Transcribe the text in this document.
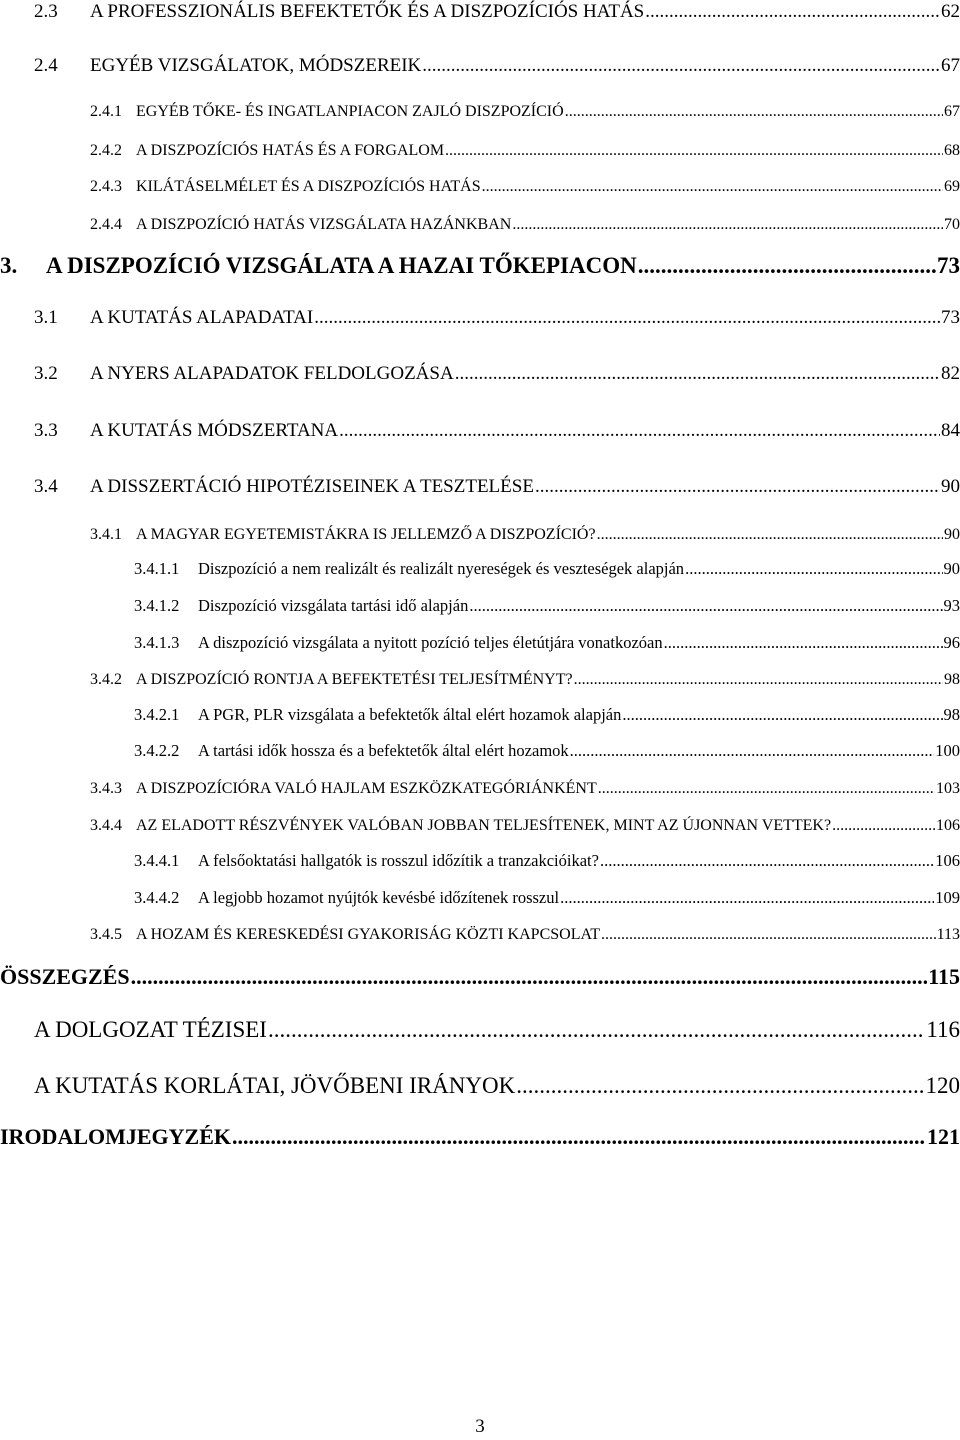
2.3	A PROFESSZIONÁLIS BEFEKTETŐK ÉS A DISZPOZÍCIÓS HATÁS .....	62
2.4	EGYÉB VIZSGÁLATOK, MÓDSZEREIK .....	67
2.4.1 EGYÉB TŐKE- ÉS INGATLANPIACON ZAJLÓ DISZPOZÍCIÓ .....	67
2.4.2 A DISZPOZÍCIÓS HATÁS ÉS A FORGALOM .....	68
2.4.3 KILÁTÁSELMÉLET ÉS A DISZPOZÍCIÓS HATÁS .....	69
2.4.4 A DISZPOZÍCIÓ HATÁS VIZSGÁLATA HAZÁNKBAN .....	70
3.	A DISZPOZÍCIÓ VIZSGÁLATA A HAZAI TŐKEPIACON .....	73
3.1	A KUTATÁS ALAPADATAI .....	73
3.2	A NYERS ALAPADATOK FELDOLGOZÁSA .....	82
3.3	A KUTATÁS MÓDSZERTANA .....	84
3.4	A DISSZERTÁCIÓ HIPOTÉZISEINEK A TESZTELÉSE .....	90
3.4.1 A MAGYAR EGYETEMISTÁKRA IS JELLEMZŐ A DISZPOZÍCIÓ? .....	90
3.4.1.1	Diszpozíció a nem realizált és realizált nyereségek és veszteségek alapján .....	90
3.4.1.2	Diszpozíció vizsgálata tartási idő alapján .....	93
3.4.1.3	A diszpozíció vizsgálata a nyitott pozíció teljes életútjára vonatkozóan .....	96
3.4.2 A DISZPOZÍCIÓ RONTJA A BEFEKTETÉSI TELJESÍTMÉNYT? .....	98
3.4.2.1	A PGR, PLR vizsgálata a befektetők által elért hozamok alapján .....	98
3.4.2.2	A tartási idők hossza és a befektetők által elért hozamok .....	100
3.4.3 A DISZPOZÍCIÓRA VALÓ HAJLAM ESZKÖZKATEGÓRIÁNKÉNT .....	103
3.4.4 AZ ELADOTT RÉSZVÉNYEK VALÓBAN JOBBAN TELJESÍTENEK, MINT AZ ÚJONNAN VETTEK? .....	106
3.4.4.1	A felsőoktatási hallgatók is rosszul időzítik a tranzakcióikat? .....	106
3.4.4.2	A legjobb hozamot nyújtók kevésbé időzítenek rosszul .....	109
3.4.5 A HOZAM ÉS KERESKEDÉSI GYAKORISÁG KÖZTI KAPCSOLAT .....	113
ÖSSZEGZÉS .....	115
A DOLGOZAT TÉZISEI .....	116
A KUTATÁS KORLÁTAI, JÖVŐBENI IRÁNYOK .....	120
IRODALOMJEGYZÉK .....	121
3
